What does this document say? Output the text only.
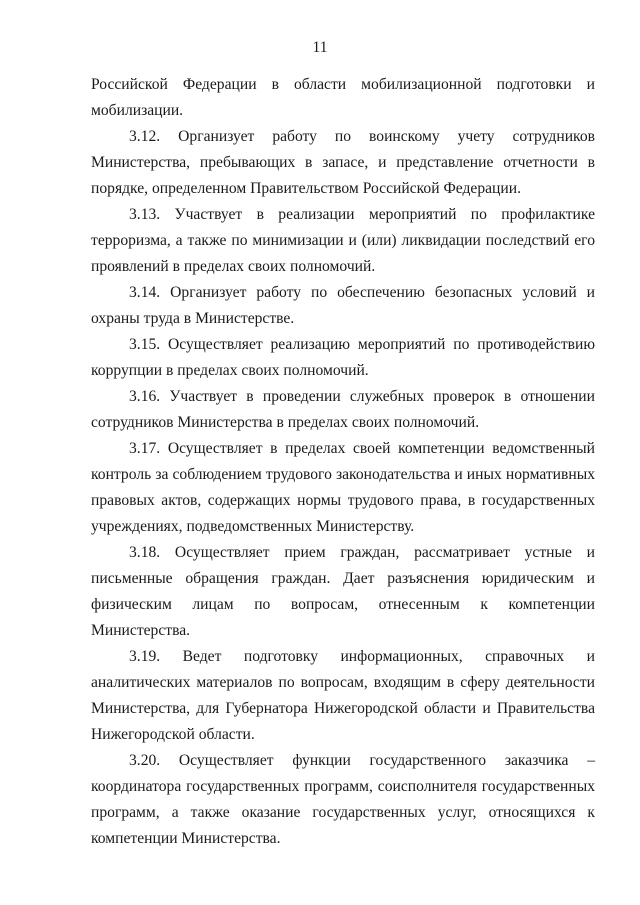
11

Российской Федерации в области мобилизационной подготовки и мобилизации.

3.12. Организует работу по воинскому учету сотрудников Министерства, пребывающих в запасе, и представление отчетности в порядке, определенном Правительством Российской Федерации.

3.13. Участвует в реализации мероприятий по профилактике терроризма, а также по минимизации и (или) ликвидации последствий его проявлений в пределах своих полномочий.

3.14. Организует работу по обеспечению безопасных условий и охраны труда в Министерстве.

3.15. Осуществляет реализацию мероприятий по противодействию коррупции в пределах своих полномочий.

3.16. Участвует в проведении служебных проверок в отношении сотрудников Министерства в пределах своих полномочий.

3.17. Осуществляет в пределах своей компетенции ведомственный контроль за соблюдением трудового законодательства и иных нормативных правовых актов, содержащих нормы трудового права, в государственных учреждениях, подведомственных Министерству.

3.18. Осуществляет прием граждан, рассматривает устные и письменные обращения граждан. Дает разъяснения юридическим и физическим лицам по вопросам, отнесенным к компетенции Министерства.

3.19. Ведет подготовку информационных, справочных и аналитических материалов по вопросам, входящим в сферу деятельности Министерства, для Губернатора Нижегородской области и Правительства Нижегородской области.

3.20. Осуществляет функции государственного заказчика – координатора государственных программ, соисполнителя государственных программ, а также оказание государственных услуг, относящихся к компетенции Министерства.
